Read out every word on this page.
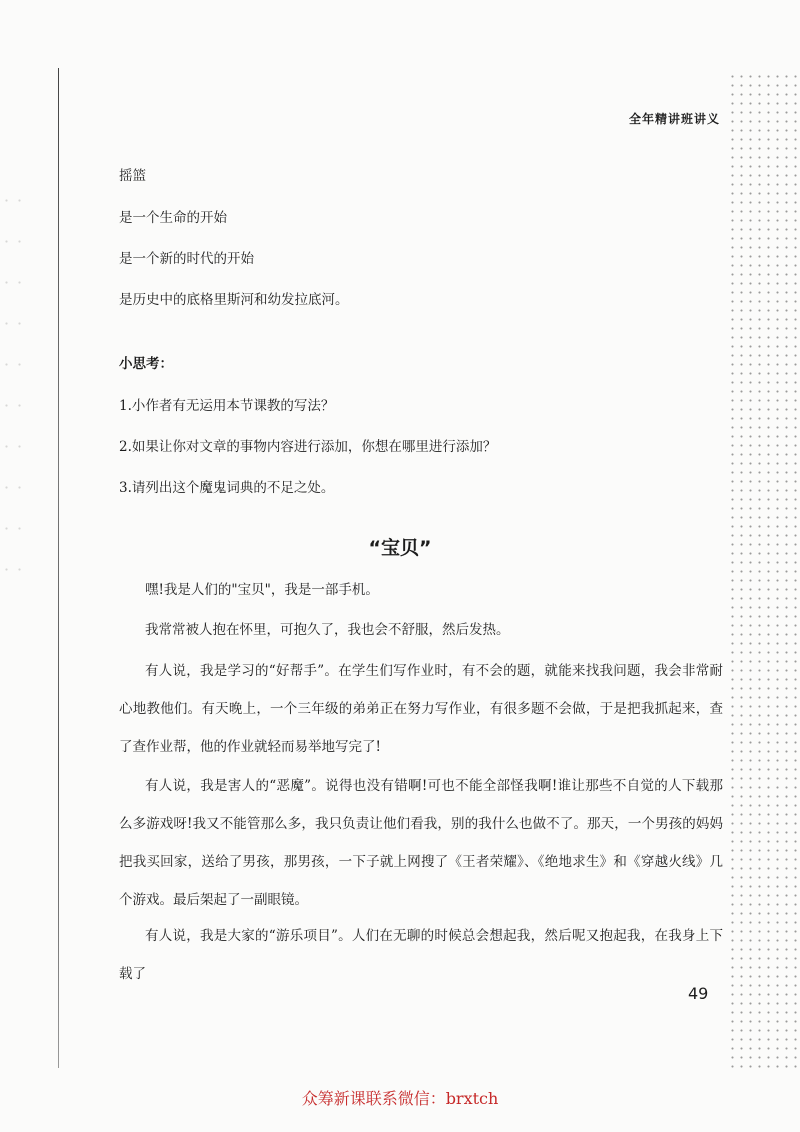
全年精讲班讲义
摇篮
是一个生命的开始
是一个新的时代的开始
是历史中的底格里斯河和幼发拉底河。
小思考：
1.小作者有无运用本节课教的写法？
2.如果让你对文章的事物内容进行添加，你想在哪里进行添加？
3.请列出这个魔鬼词典的不足之处。
“宝贝”
嘿!我是人们的"宝贝"，我是一部手机。
我常常被人抱在怀里，可抱久了，我也会不舒服，然后发热。
有人说，我是学习的“好帮手”。在学生们写作业时，有不会的题，就能来找我问题，我会非常耐心地教他们。有天晚上，一个三年级的弟弟正在努力写作业，有很多题不会做，于是把我抓起来，查了查作业帮，他的作业就轻而易举地写完了!
有人说，我是害人的“恶魔”。说得也没有错啊!可也不能全部怪我啊!谁让那些不自觉的人下载那么多游戏呀!我又不能管那么多，我只负责让他们看我，别的我什么也做不了。那天，一个男孩的妈妈把我买回家，送给了男孩，那男孩，一下子就上网搜了《王者荣耀》、《绝地求生》和《穿越火线》几个游戏。最后架起了一副眼镜。
有人说，我是大家的“游乐项目”。人们在无聊的时候总会想起我，然后呢又抱起我，在我身上下载了
49
众筹新课联系微信：brxtch
